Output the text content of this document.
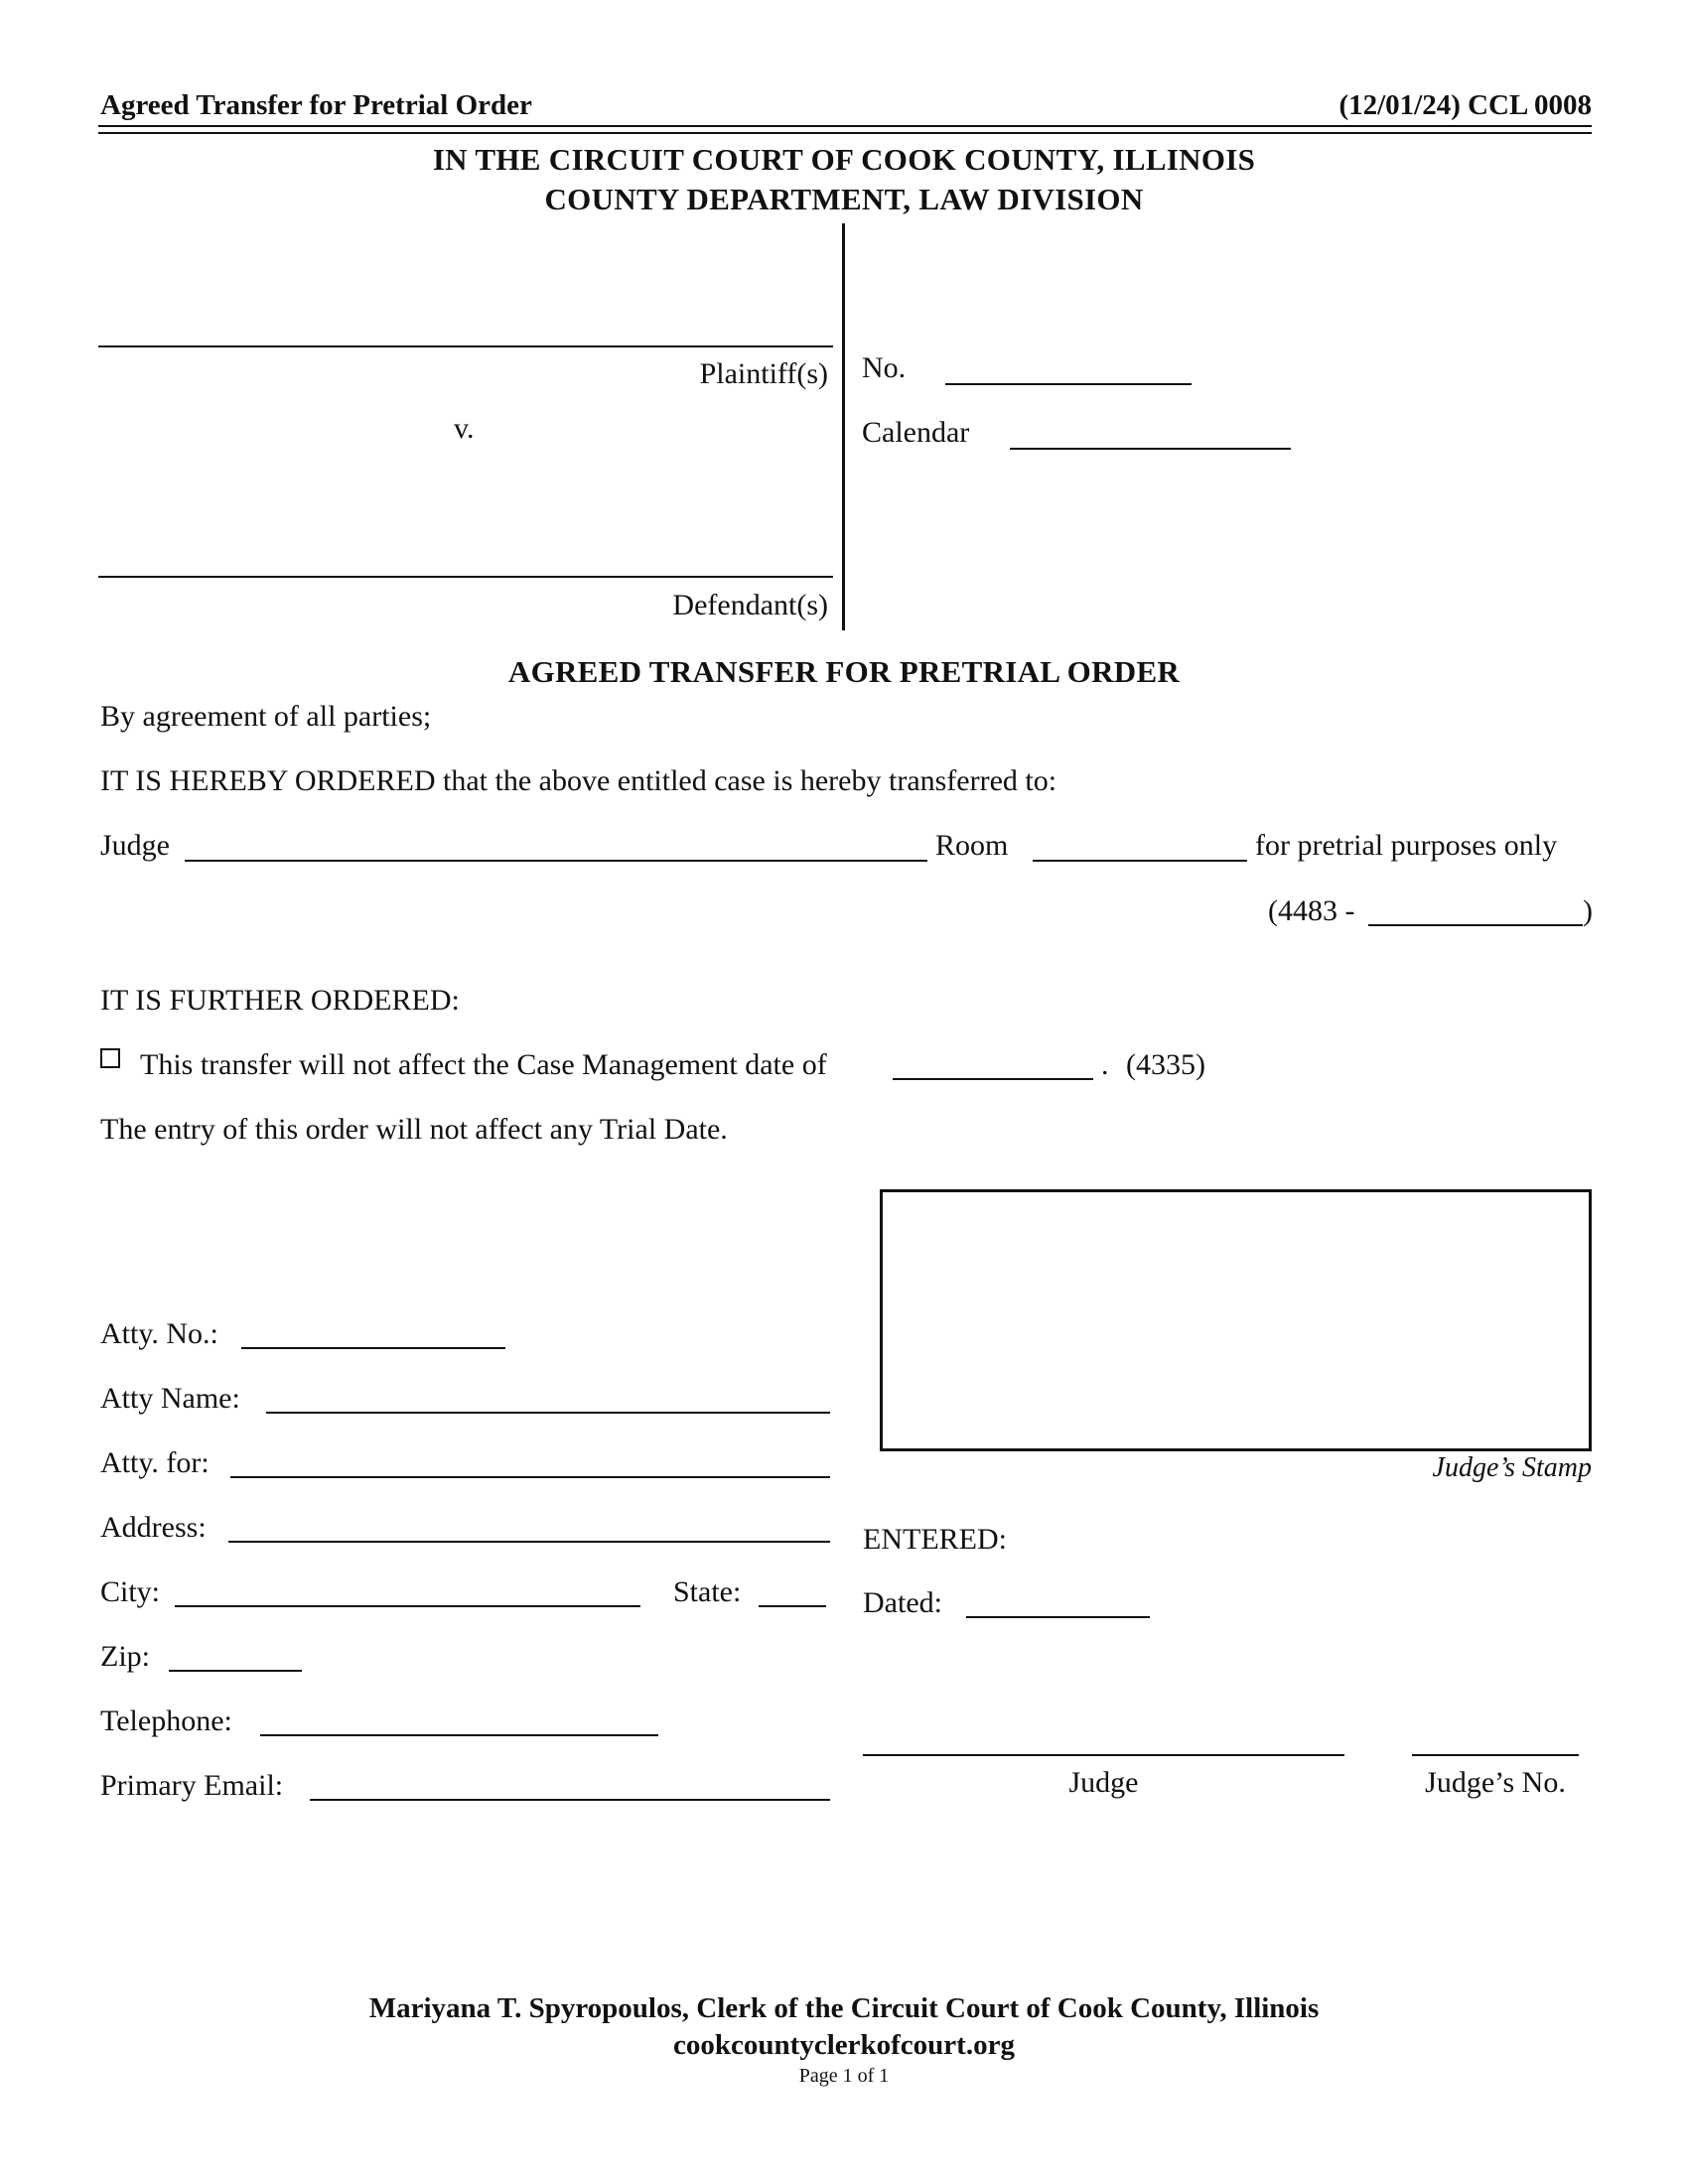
Agreed Transfer for Pretrial Order	(12/01/24) CCL 0008
IN THE CIRCUIT COURT OF COOK COUNTY, ILLINOIS
COUNTY DEPARTMENT, LAW DIVISION
Plaintiff(s)
v.
Defendant(s)
No.
Calendar
AGREED TRANSFER FOR PRETRIAL ORDER
By agreement of all parties;
IT IS HEREBY ORDERED that the above entitled case is hereby transferred to:
Judge	Room	for pretrial purposes only
(4483 -	)
IT IS FURTHER ORDERED:
This transfer will not affect the Case Management date of	. (4335)
The entry of this order will not affect any Trial Date.
Judge’s Stamp
Atty. No.:
Atty Name:
Atty. for:
Address:
City:	State:
Zip:
Telephone:
Primary Email:
ENTERED:
Dated:
Judge	Judge’s No.
Mariyana T. Spyropoulos, Clerk of the Circuit Court of Cook County, Illinois
cookcountyclerkofcourt.org
Page 1 of 1
